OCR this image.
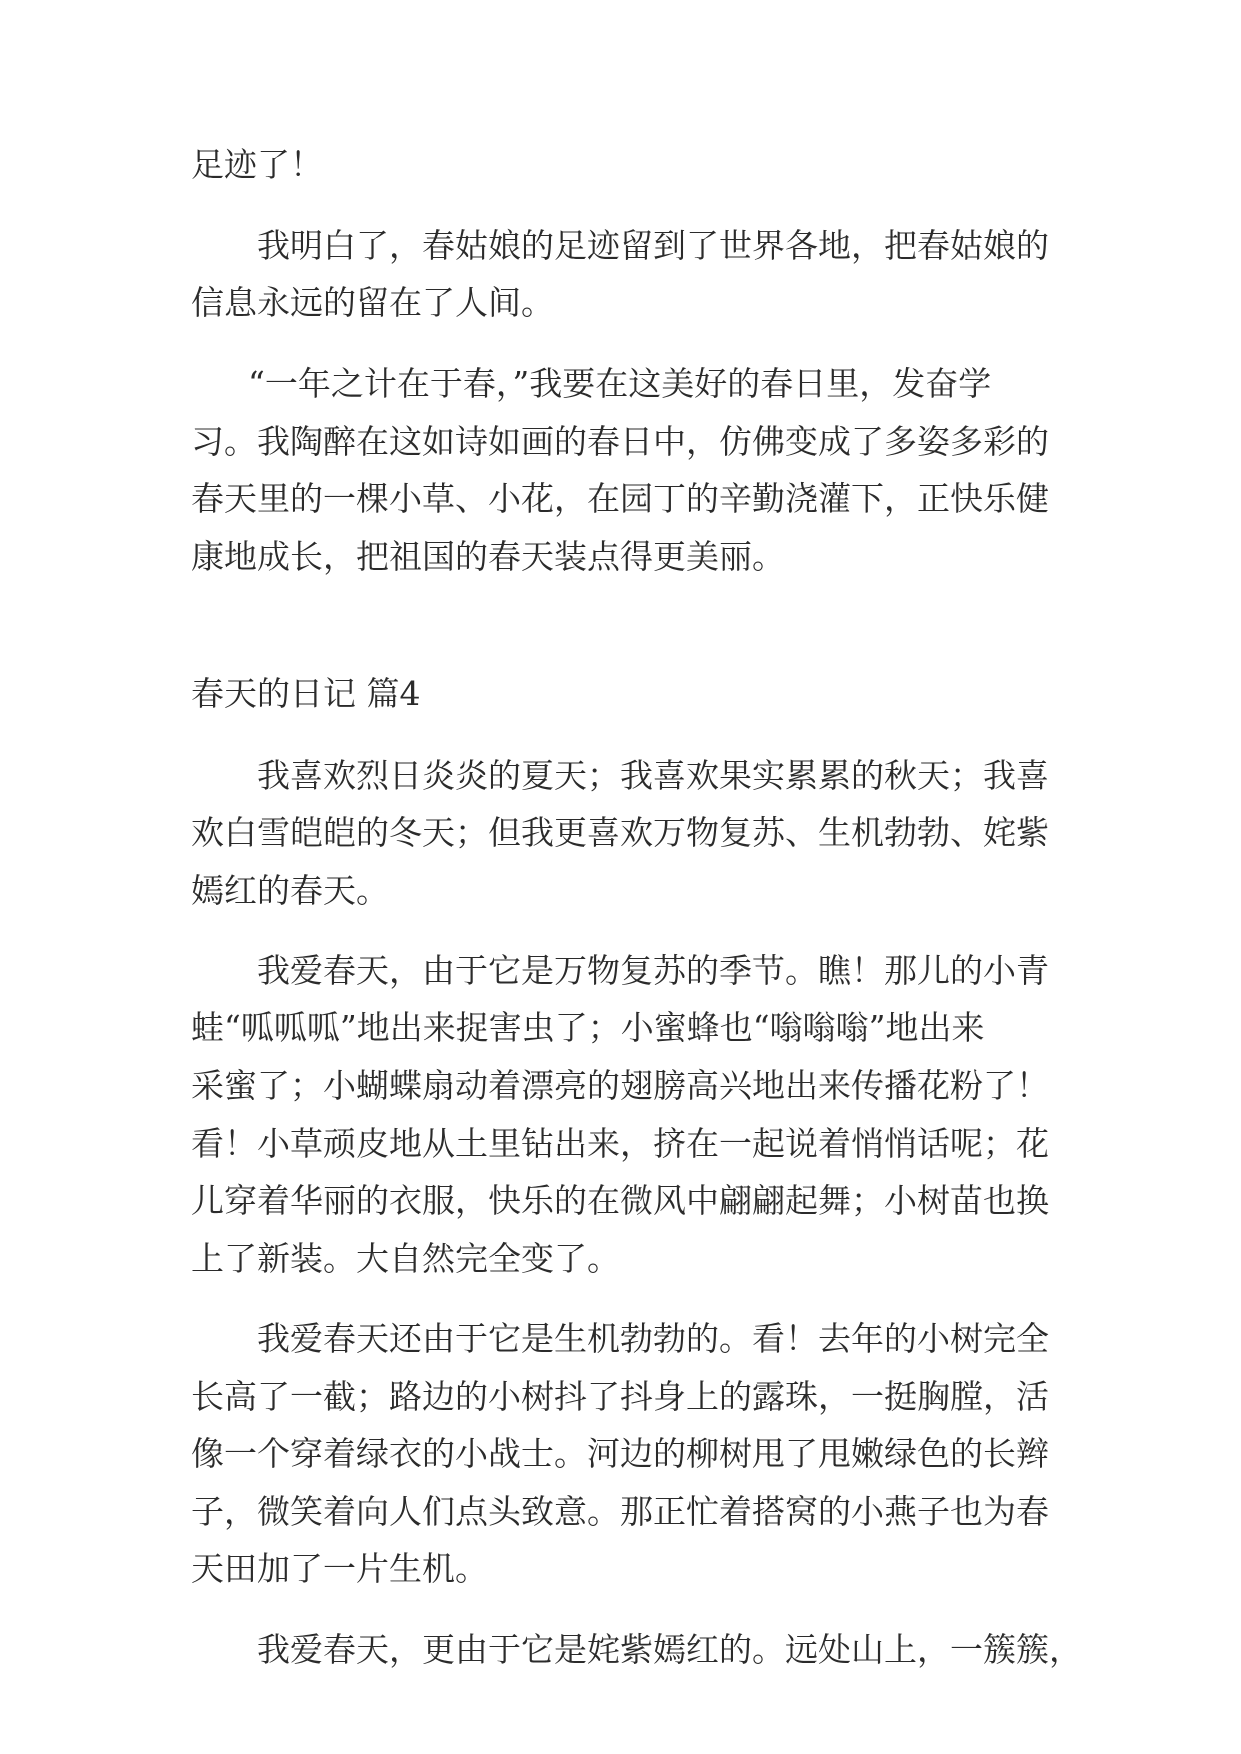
足迹了！
我明白了，春姑娘的足迹留到了世界各地，把春姑娘的
信息永远的留在了人间。
“一年之计在于春，”我要在这美好的春日里，发奋学
习。我陶醉在这如诗如画的春日中，仿佛变成了多姿多彩的
春天里的一棵小草、小花，在园丁的辛勤浇灌下，正快乐健
康地成长，把祖国的春天装点得更美丽。
春天的日记 篇4
我喜欢烈日炎炎的夏天；我喜欢果实累累的秋天；我喜
欢白雪皑皑的冬天；但我更喜欢万物复苏、生机勃勃、姹紫
嫣红的春天。
我爱春天，由于它是万物复苏的季节。瞧！那儿的小青
蛙“呱呱呱”地出来捉害虫了；小蜜蜂也“嗡嗡嗡”地出来
采蜜了；小蝴蝶扇动着漂亮的翅膀高兴地出来传播花粉了！
看！小草顽皮地从土里钻出来，挤在一起说着悄悄话呢；花
儿穿着华丽的衣服，快乐的在微风中翩翩起舞；小树苗也换
上了新装。大自然完全变了。
我爱春天还由于它是生机勃勃的。看！去年的小树完全
长高了一截；路边的小树抖了抖身上的露珠，一挺胸膛，活
像一个穿着绿衣的小战士。河边的柳树甩了甩嫩绿色的长辫
子，微笑着向人们点头致意。那正忙着搭窝的小燕子也为春
天田加了一片生机。
我爱春天，更由于它是姹紫嫣红的。远处山上，一簇簇，
